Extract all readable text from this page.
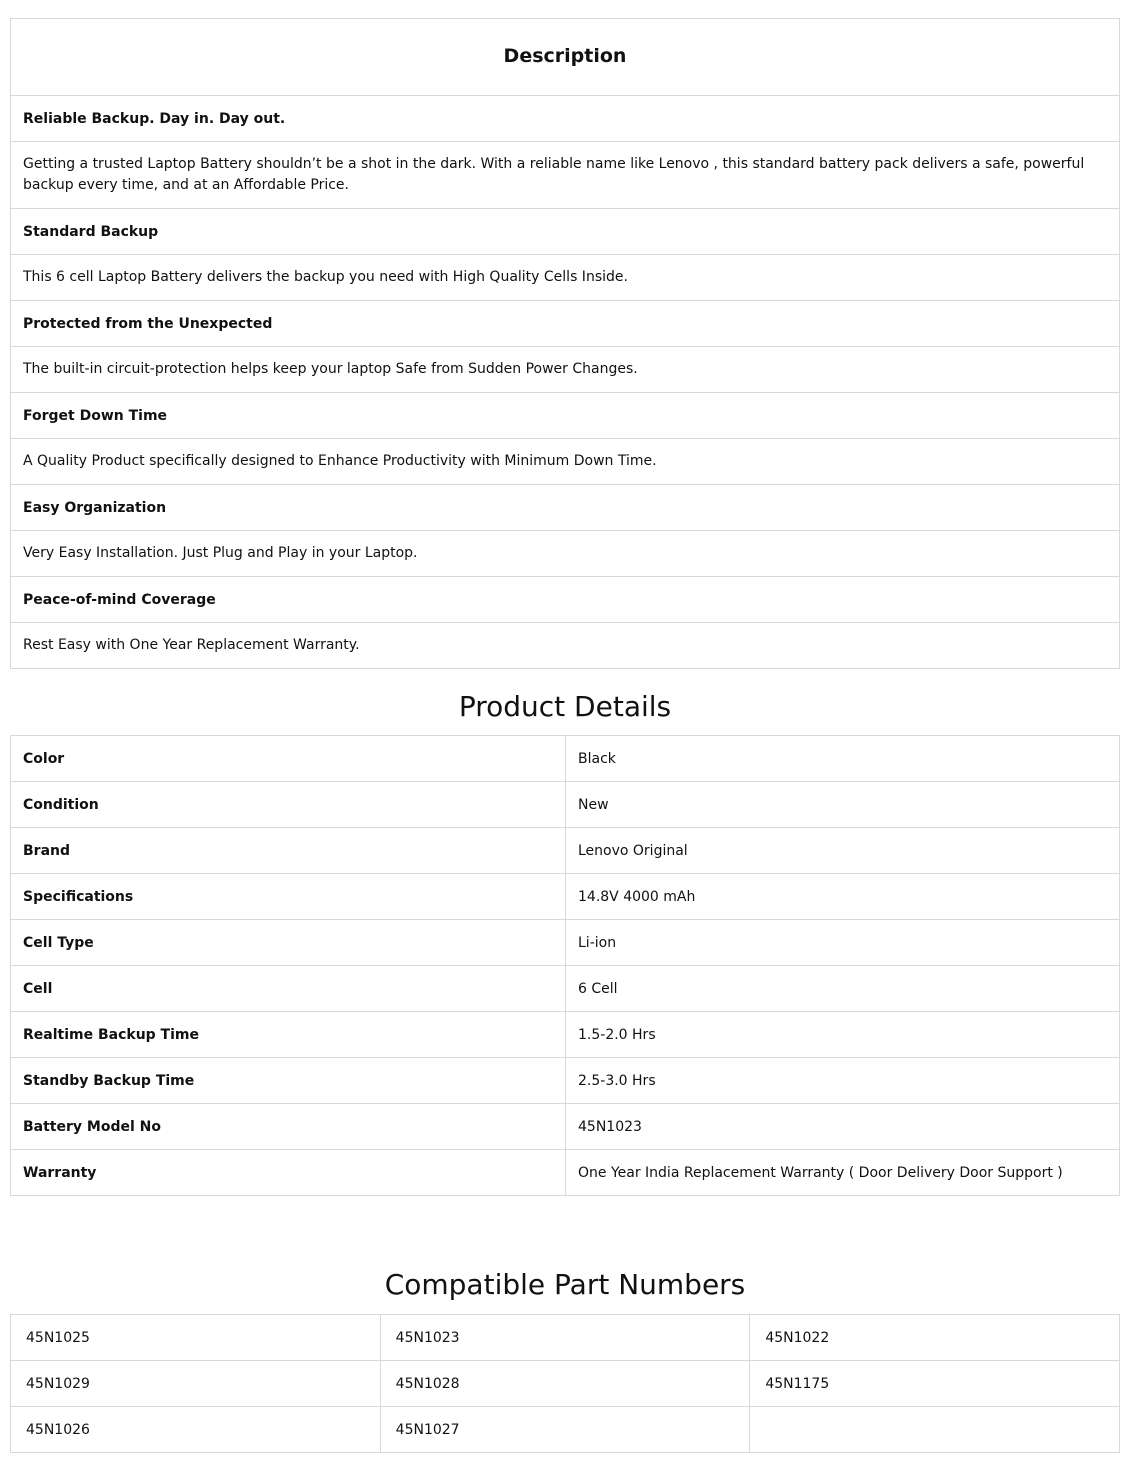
Description
Reliable Backup. Day in. Day out.
Getting a trusted Laptop Battery shouldn’t be a shot in the dark. With a reliable name like Lenovo , this standard battery pack delivers a safe, powerful backup every time, and at an Affordable Price.
Standard Backup
This 6 cell Laptop Battery delivers the backup you need with High Quality Cells Inside.
Protected from the Unexpected
The built-in circuit-protection helps keep your laptop Safe from Sudden Power Changes.
Forget Down Time
A Quality Product specifically designed to Enhance Productivity with Minimum Down Time.
Easy Organization
Very Easy Installation. Just Plug and Play in your Laptop.
Peace-of-mind Coverage
Rest Easy with One Year Replacement Warranty.
Product Details
Color	Black
Condition	New
Brand	Lenovo Original
Specifications	14.8V 4000 mAh
Cell Type	Li-ion
Cell	6 Cell
Realtime Backup Time	1.5-2.0 Hrs
Standby Backup Time	2.5-3.0 Hrs
Battery Model No	45N1023
Warranty	One Year India Replacement Warranty ( Door Delivery Door Support )
Compatible Part Numbers
45N1025	45N1023	45N1022
45N1029	45N1028	45N1175
45N1026	45N1027	
